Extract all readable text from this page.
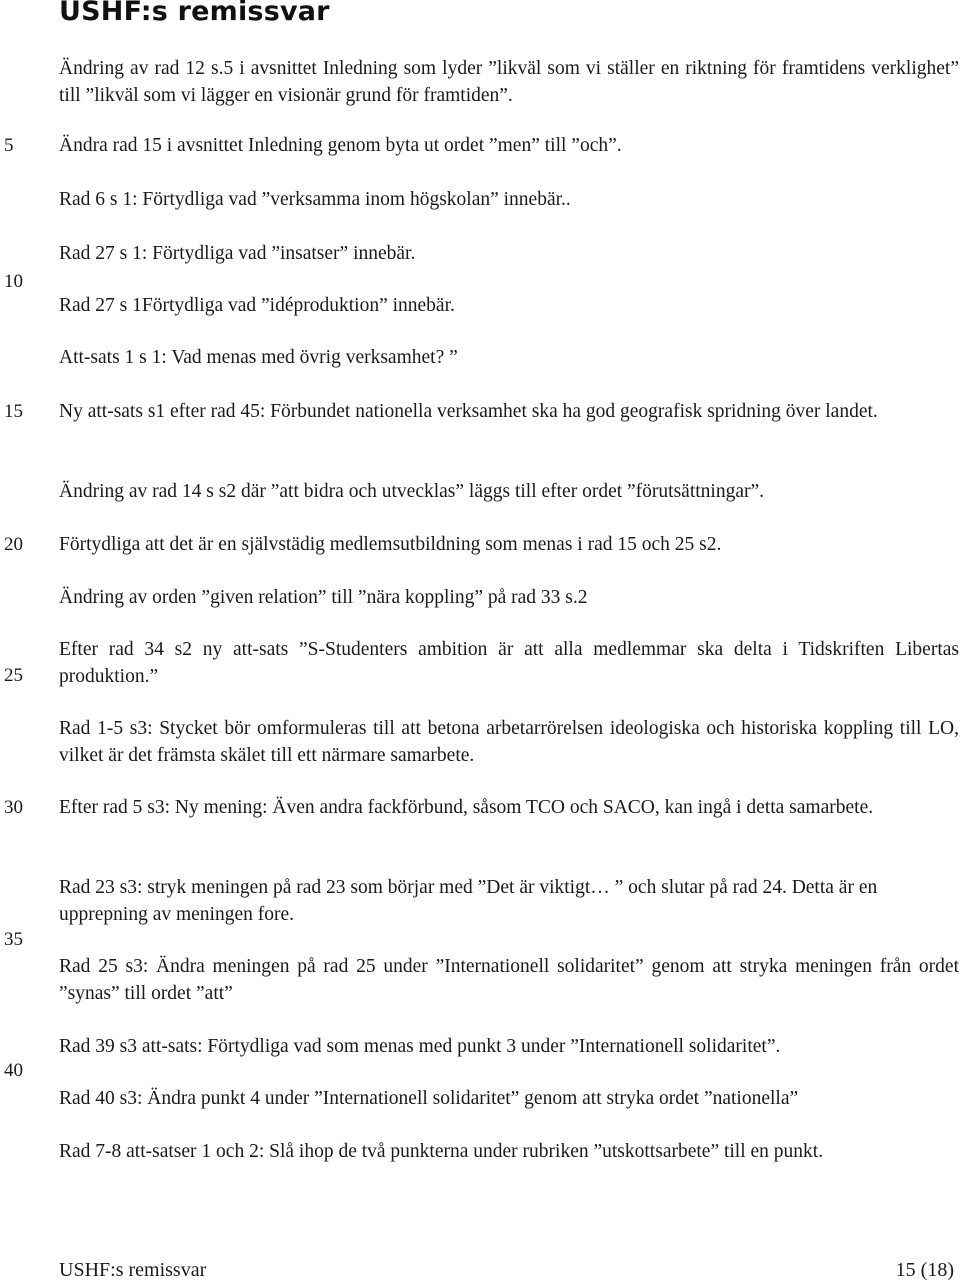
USHF:s remissvar
5
10
15
20
25
30
35
40

Ändring av rad 12 s.5 i avsnittet Inledning som lyder ”likväl som vi ställer en riktning för framtidens verklighet” till ”likväl som vi lägger en visionär grund för framtiden”.

Ändra rad 15 i avsnittet Inledning genom byta ut ordet ”men” till ”och”.

Rad 6 s 1: Förtydliga vad ”verksamma inom högskolan” innebär..

Rad 27 s 1: Förtydliga vad ”insatser” innebär.

Rad 27 s 1Förtydliga vad ”idéproduktion” innebär.

Att-sats 1 s 1: Vad menas med övrig verksamhet? ”

Ny att-sats s1 efter rad 45: Förbundet nationella verksamhet ska ha god geografisk spridning över landet.

Ändring av rad 14 s s2 där ”att bidra och utvecklas” läggs till efter ordet ”förutsättningar”.

Förtydliga att det är en självstädig medlemsutbildning som menas i rad 15 och 25 s2.

Ändring av orden ”given relation” till ”nära koppling” på rad 33 s.2

Efter rad 34 s2 ny att-sats ”S-Studenters ambition är att alla medlemmar ska delta i Tidskriften Libertas produktion.”

Rad 1-5 s3: Stycket bör omformuleras till att betona arbetarrörelsen ideologiska och historiska koppling till LO, vilket är det främsta skälet till ett närmare samarbete.

Efter rad 5 s3: Ny mening: Även andra fackförbund, såsom TCO och SACO, kan ingå i detta samarbete.

Rad 23 s3: stryk meningen på rad 23 som börjar med ”Det är viktigt… ” och slutar på rad 24. Detta är en upprepning av meningen fore.

Rad 25 s3: Ändra meningen på rad 25 under ”Internationell solidaritet” genom att stryka meningen från ordet ”synas” till ordet ”att”

Rad 39 s3 att-sats: Förtydliga vad som menas med punkt 3 under ”Internationell solidaritet”.

Rad 40 s3: Ändra punkt 4 under ”Internationell solidaritet” genom att stryka ordet ”nationella”

Rad 7-8 att-satser 1 och 2: Slå ihop de två punkterna under rubriken ”utskottsarbete” till en punkt.

USHF:s remissvar	15 (18)
